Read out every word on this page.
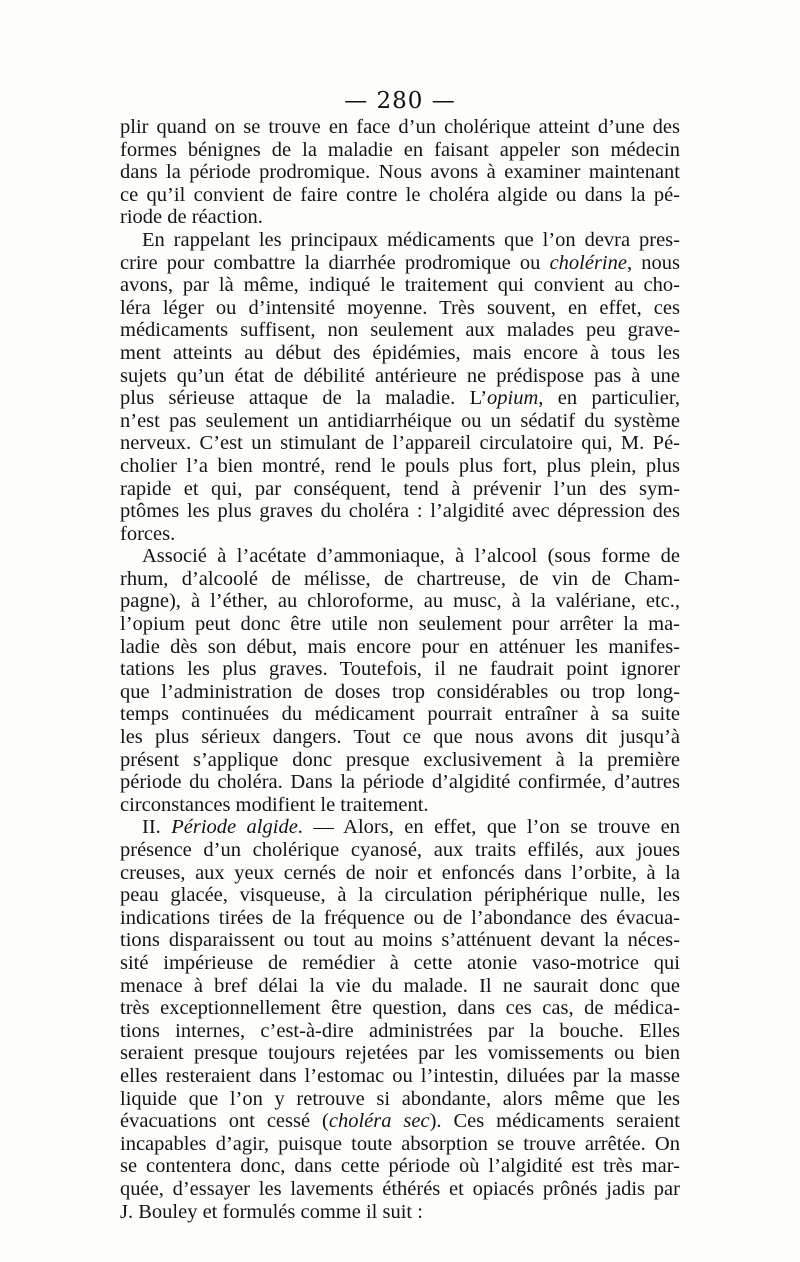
— 280 —

plir quand on se trouve en face d’un cholérique atteint d’une des
formes bénignes de la maladie en faisant appeler son médecin
dans la période prodromique. Nous avons à examiner maintenant
ce qu’il convient de faire contre le choléra algide ou dans la pé-
riode de réaction.

En rappelant les principaux médicaments que l’on devra pres-
crire pour combattre la diarrhée prodromique ou cholérine, nous
avons, par là même, indiqué le traitement qui convient au cho-
léra léger ou d’intensité moyenne. Très souvent, en effet, ces
médicaments suffisent, non seulement aux malades peu grave-
ment atteints au début des épidémies, mais encore à tous les
sujets qu’un état de débilité antérieure ne prédispose pas à une
plus sérieuse attaque de la maladie. L’opium, en particulier,
n’est pas seulement un antidiarrhéique ou un sédatif du système
nerveux. C’est un stimulant de l’appareil circulatoire qui, M. Pé-
cholier l’a bien montré, rend le pouls plus fort, plus plein, plus
rapide et qui, par conséquent, tend à prévenir l’un des sym-
ptômes les plus graves du choléra : l’algidité avec dépression des
forces.

Associé à l’acétate d’ammoniaque, à l’alcool (sous forme de
rhum, d’alcoolé de mélisse, de chartreuse, de vin de Cham-
pagne), à l’éther, au chloroforme, au musc, à la valériane, etc.,
l’opium peut donc être utile non seulement pour arrêter la ma-
ladie dès son début, mais encore pour en atténuer les manifes-
tations les plus graves. Toutefois, il ne faudrait point ignorer
que l’administration de doses trop considérables ou trop long-
temps continuées du médicament pourrait entraîner à sa suite
les plus sérieux dangers. Tout ce que nous avons dit jusqu’à
présent s’applique donc presque exclusivement à la première
période du choléra. Dans la période d’algidité confirmée, d’autres
circonstances modifient le traitement.

II. Période algide. — Alors, en effet, que l’on se trouve en
présence d’un cholérique cyanosé, aux traits effilés, aux joues
creuses, aux yeux cernés de noir et enfoncés dans l’orbite, à la
peau glacée, visqueuse, à la circulation périphérique nulle, les
indications tirées de la fréquence ou de l’abondance des évacua-
tions disparaissent ou tout au moins s’atténuent devant la néces-
sité impérieuse de remédier à cette atonie vaso-motrice qui
menace à bref délai la vie du malade. Il ne saurait donc que
très exceptionnellement être question, dans ces cas, de médica-
tions internes, c’est-à-dire administrées par la bouche. Elles
seraient presque toujours rejetées par les vomissements ou bien
elles resteraient dans l’estomac ou l’intestin, diluées par la masse
liquide que l’on y retrouve si abondante, alors même que les
évacuations ont cessé (choléra sec). Ces médicaments seraient
incapables d’agir, puisque toute absorption se trouve arrêtée. On
se contentera donc, dans cette période où l’algidité est très mar-
quée, d’essayer les lavements éthérés et opiacés prônés jadis par
J. Bouley et formulés comme il suit :
